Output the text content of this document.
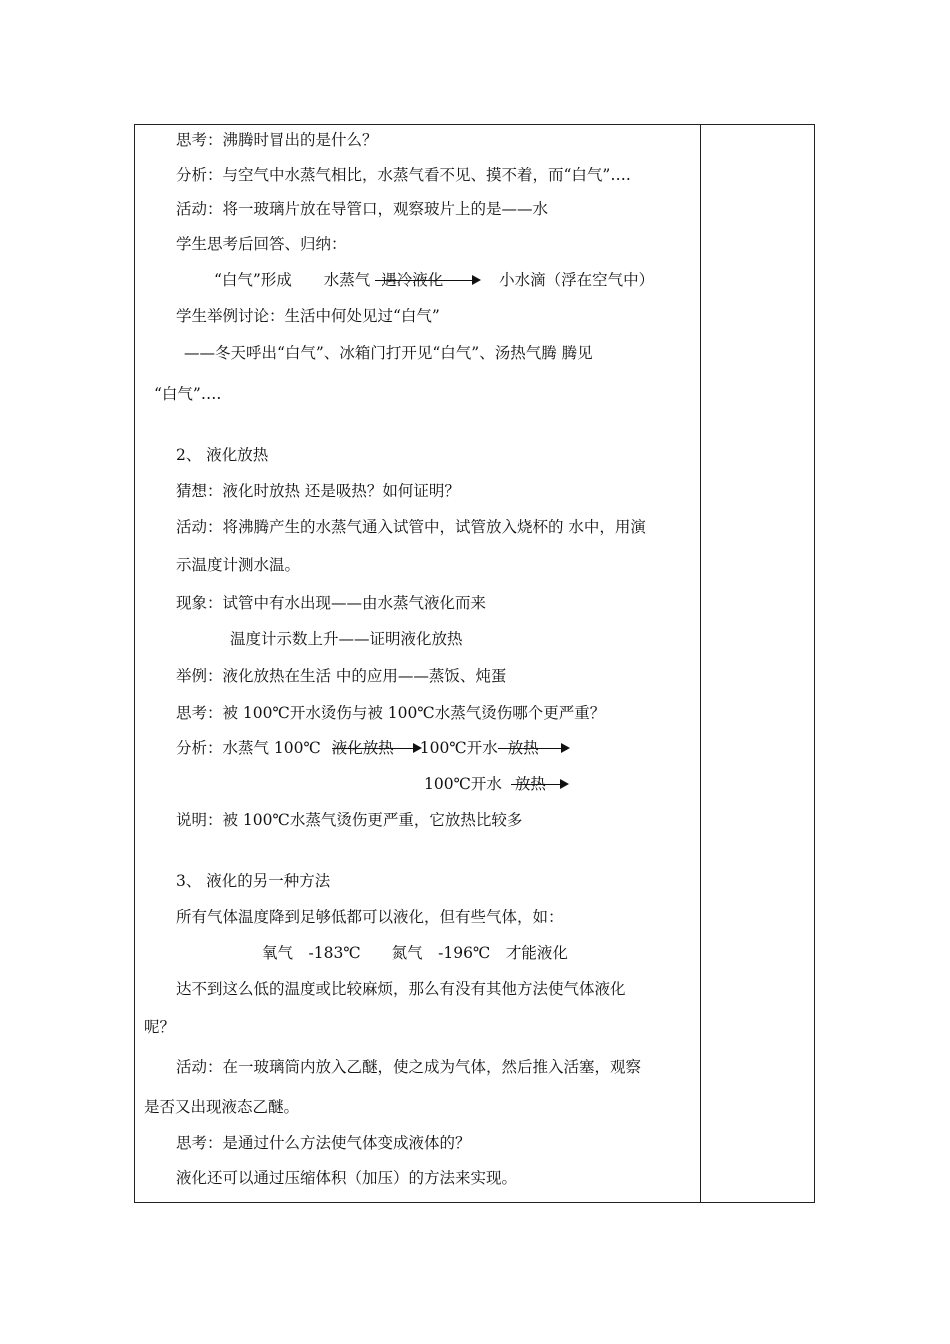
思考：沸腾时冒出的是什么？
分析：与空气中水蒸气相比，水蒸气看不见、摸不着，而“白气”….
活动：将一玻璃片放在导管口，观察玻片上的是——水
学生思考后回答、归纳：
“白气”形成 水蒸气 遇冷液化	小水滴（浮在空气中）
学生举例讨论：生活中何处见过“白气”
——冬天呼出“白气”、冰箱门打开见“白气”、汤热气腾 腾见
“白气”….
2、 液化放热
猜想：液化时放热 还是吸热？如何证明？
活动：将沸腾产生的水蒸气通入试管中，试管放入烧杯的 水中，用演
示温度计测水温。
现象：试管中有水出现——由水蒸气液化而来
温度计示数上升——证明液化放热
举例：液化放热在生活 中的应用——蒸饭、炖蛋
思考：被 100℃开水烫伤与被 100℃水蒸气烫伤哪个更严重？
分析：水蒸气 100℃ 液化放热 100℃开水 放热
100℃开水 放热
说明：被 100℃水蒸气烫伤更严重，它放热比较多
3、 液化的另一种方法
所有气体温度降到足够低都可以液化，但有些气体，如：
氧气　-183℃　　氮气　-196℃　才能液化
达不到这么低的温度或比较麻烦，那么有没有其他方法使气体液化
呢？
活动：在一玻璃筒内放入乙醚，使之成为气体，然后推入活塞，观察
是否又出现液态乙醚。
思考：是通过什么方法使气体变成液体的？
液化还可以通过压缩体积（加压）的方法来实现。
